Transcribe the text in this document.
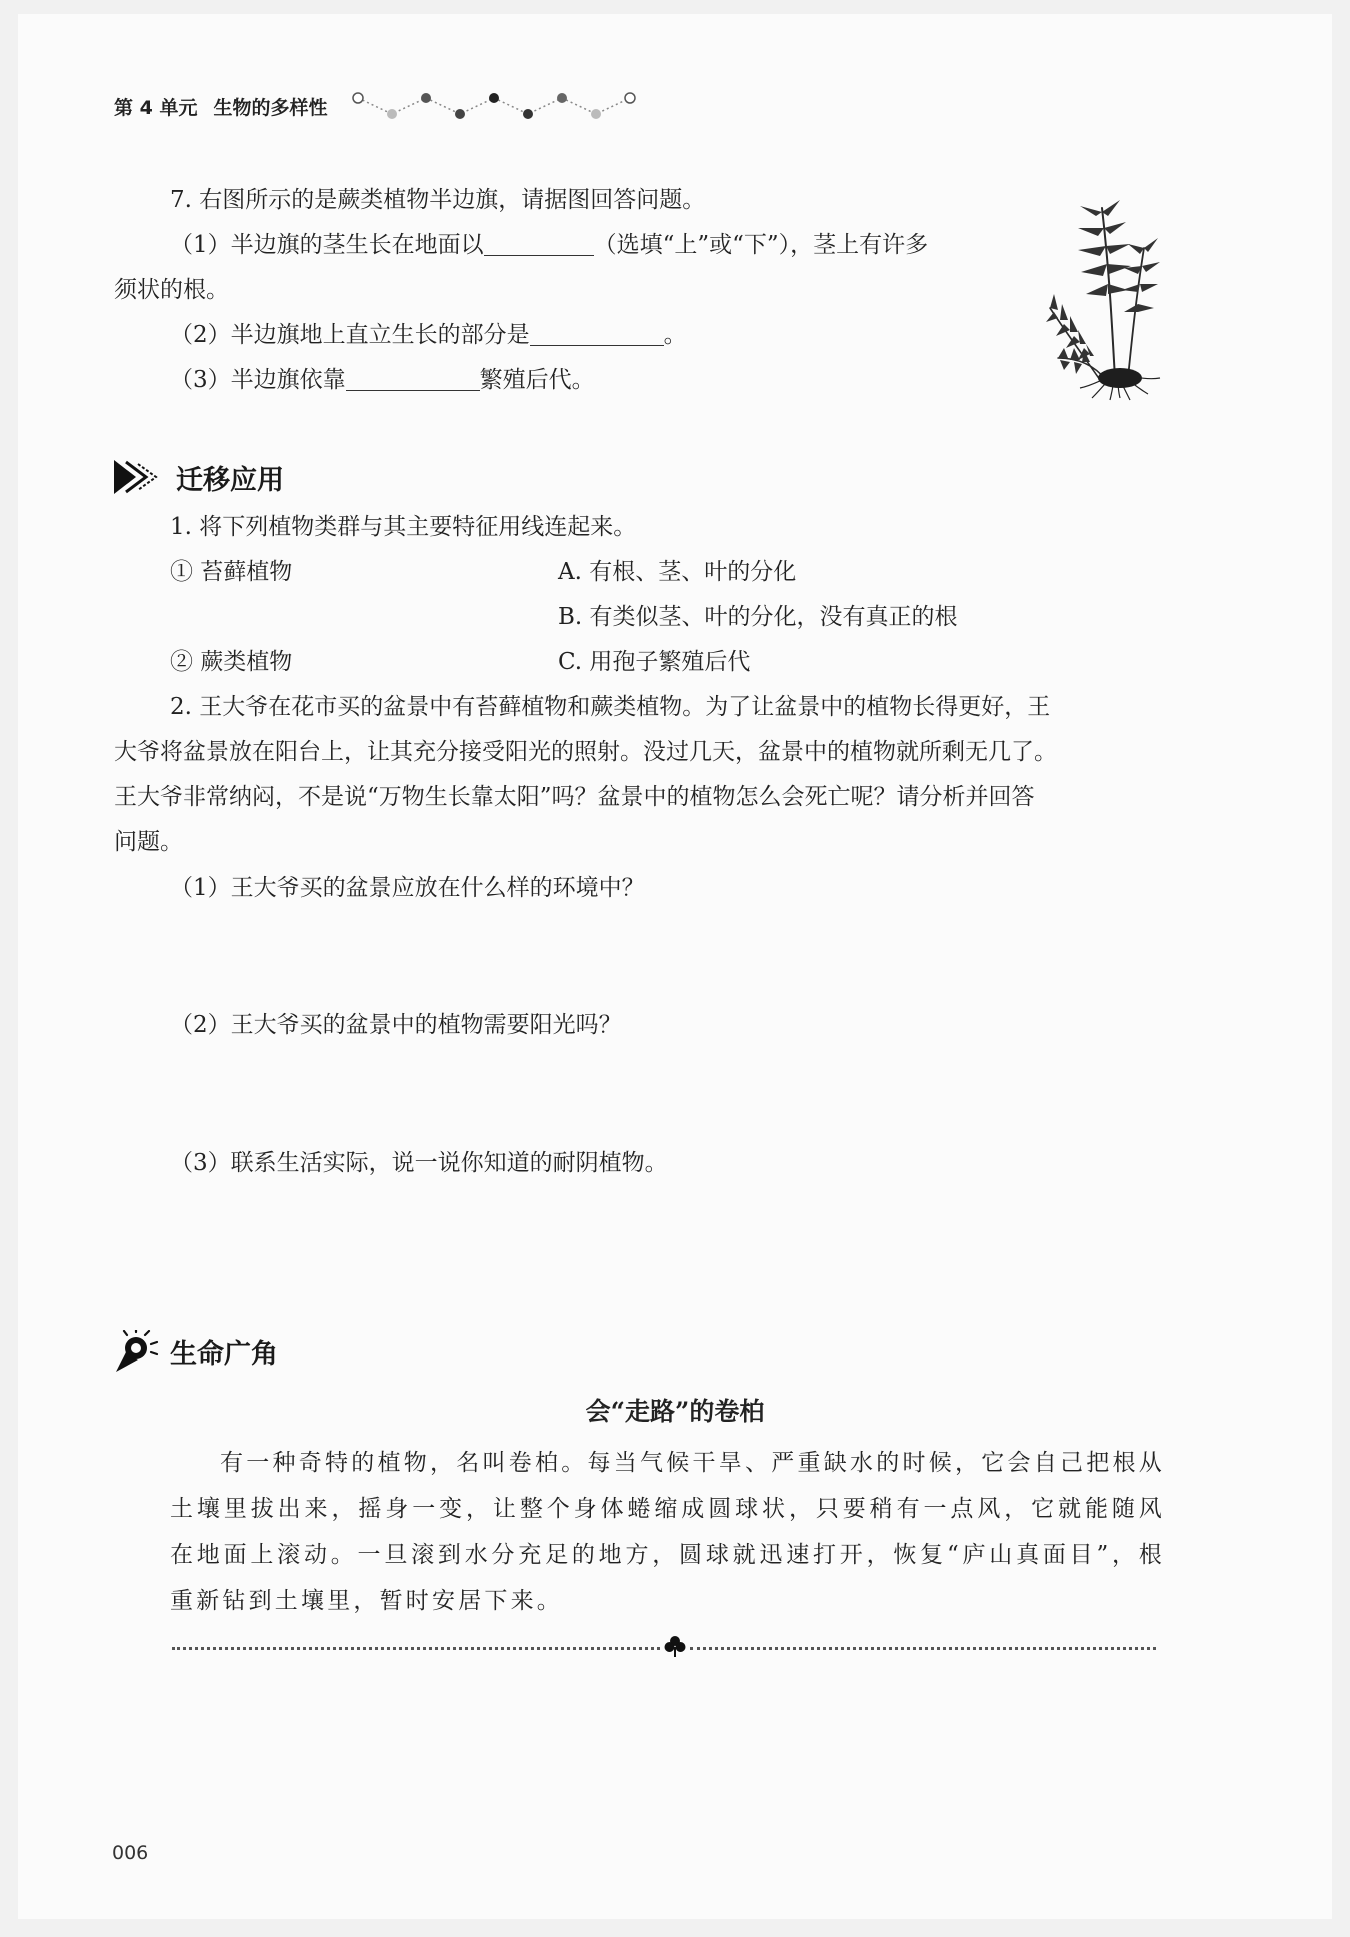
第 4 单元 生物的多样性
7. 右图所示的是蕨类植物半边旗，请据图回答问题。
（1）半边旗的茎生长在地面以	（选填“上”或“下”），茎上有许多
须状的根。
（2）半边旗地上直立生长的部分是	。
（3）半边旗依靠	繁殖后代。
迁移应用
1. 将下列植物类群与其主要特征用线连起来。
① 苔藓植物	A. 有根、茎、叶的分化
B. 有类似茎、叶的分化，没有真正的根
② 蕨类植物	C. 用孢子繁殖后代
2. 王大爷在花市买的盆景中有苔藓植物和蕨类植物。为了让盆景中的植物长得更好，王
大爷将盆景放在阳台上，让其充分接受阳光的照射。没过几天，盆景中的植物就所剩无几了。
王大爷非常纳闷，不是说“万物生长靠太阳”吗？盆景中的植物怎么会死亡呢？请分析并回答
问题。
（1）王大爷买的盆景应放在什么样的环境中？
（2）王大爷买的盆景中的植物需要阳光吗？
（3）联系生活实际，说一说你知道的耐阴植物。
生命广角
会“走路”的卷柏
有一种奇特的植物，名叫卷柏。每当气候干旱、严重缺水的时候，它会自己把根从土壤里拔出来，摇身一变，让整个身体蜷缩成圆球状，只要稍有一点风，它就能随风在地面上滚动。一旦滚到水分充足的地方，圆球就迅速打开，恢复“庐山真面目”，根重新钻到土壤里，暂时安居下来。
006
